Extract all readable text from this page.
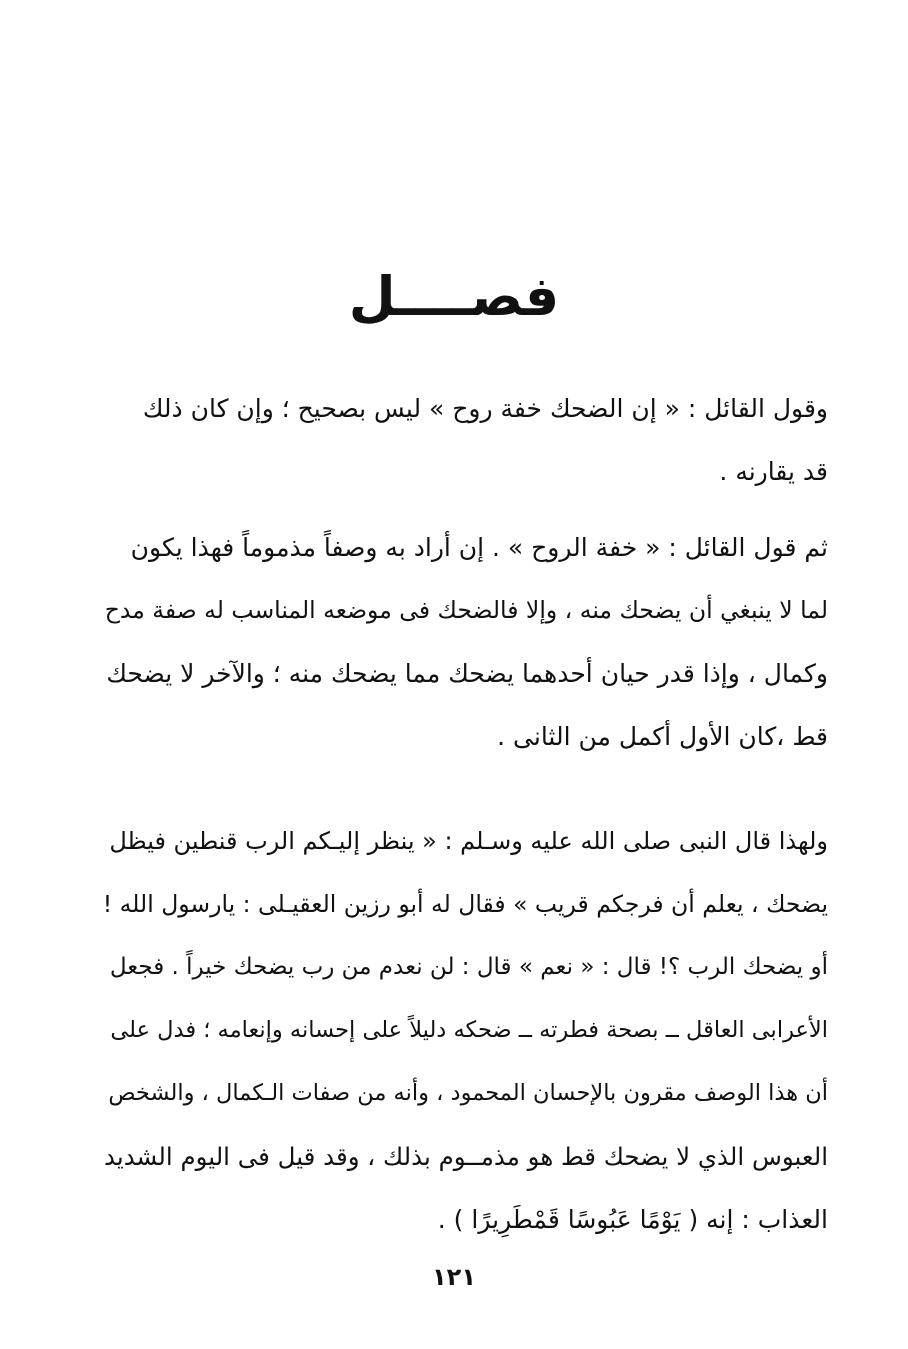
فصــــل
وقول القائل : « إن الضحك خفة روح » ليس بصحيح ؛ وإن كان ذلك
قد يقارنه .
ثم قول القائل : « خفة الروح » . إن أراد به وصفاً مذموماً فهذا يكون
لما لا ينبغي أن يضحك منه ، وإلا فالضحك فى موضعه المناسب له صفة مدح
وكمال ، وإذا قدر حيان أحدهما يضحك مما يضحك منه ؛ والآخر لا يضحك
قط ،كان الأول أكمل من الثانى .
ولهذا قال النبى صلى الله عليه وسـلم : « ينظر إليـكم الرب قنطين فيظل
يضحك ، يعلم أن فرجكم قريب » فقال له أبو رزين العقيـلى : يارسول الله !
أو يضحك الرب ؟! قال : « نعم » قال : لن نعدم من رب يضحك خيراً . فجعل
الأعرابى العاقل ــ بصحة فطرته ــ ضحكه دليلاً على إحسانه وإنعامه ؛ فدل على
أن هذا الوصف مقرون بالإحسان المحمود ، وأنه من صفات الـكمال ، والشخص
العبوس الذي لا يضحك قط هو مذمــوم بذلك ، وقد قيل فى اليوم الشديد
العذاب : إنه ( يَوْمًا عَبُوسًا قَمْطَرِيرًا ) .
١٢١
